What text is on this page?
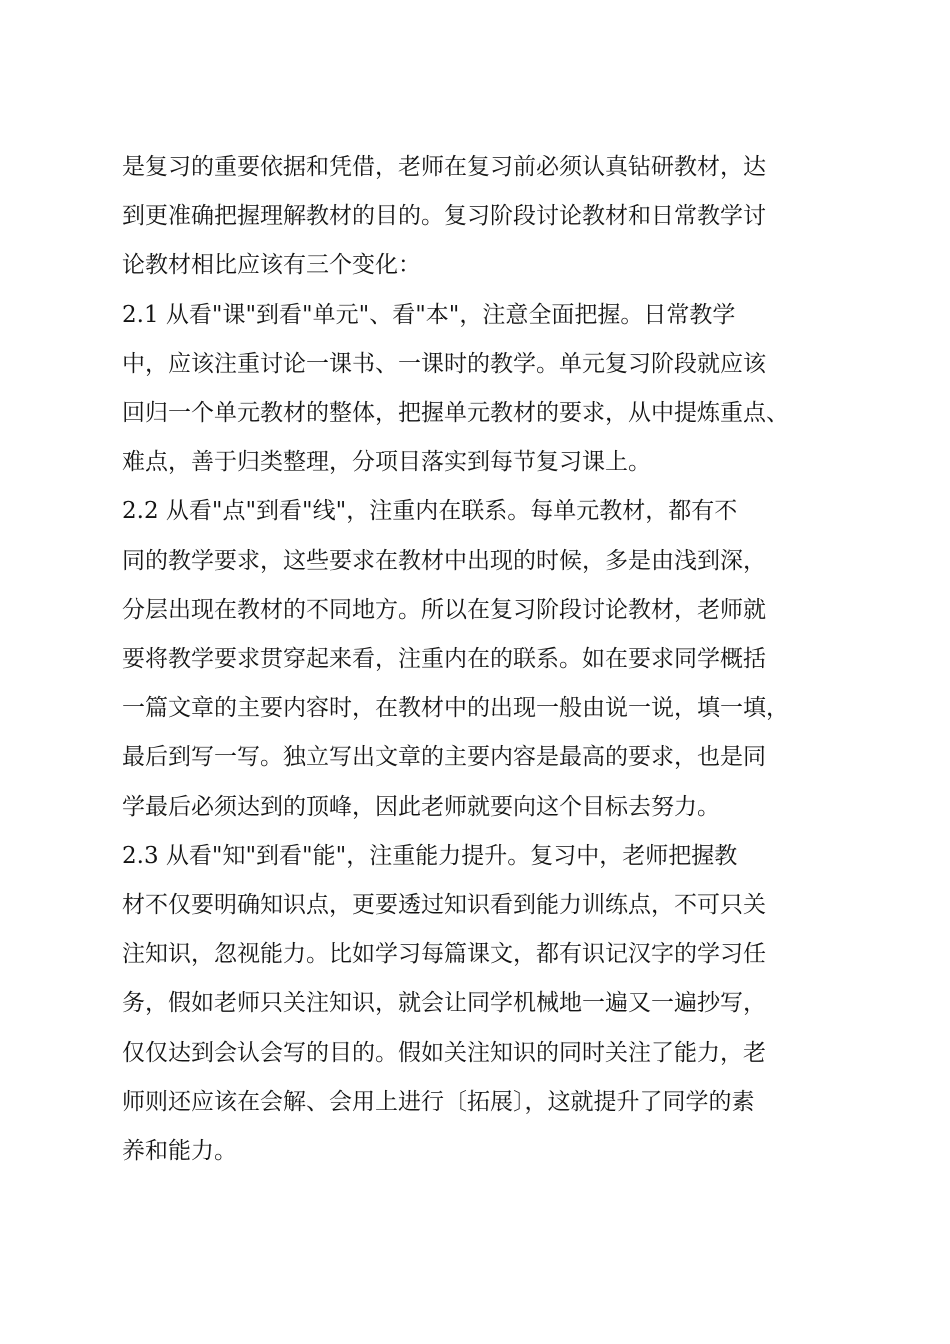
是复习的重要依据和凭借，老师在复习前必须认真钻研教材，达
到更准确把握理解教材的目的。复习阶段讨论教材和日常教学讨
论教材相比应该有三个变化：
2.1 从看"课"到看"单元"、看"本"，注意全面把握。日常教学
中，应该注重讨论一课书、一课时的教学。单元复习阶段就应该
回归一个单元教材的整体，把握单元教材的要求，从中提炼重点、
难点，善于归类整理，分项目落实到每节复习课上。
2.2 从看"点"到看"线"，注重内在联系。每单元教材，都有不
同的教学要求，这些要求在教材中出现的时候，多是由浅到深，
分层出现在教材的不同地方。所以在复习阶段讨论教材，老师就
要将教学要求贯穿起来看，注重内在的联系。如在要求同学概括
一篇文章的主要内容时，在教材中的出现一般由说一说，填一填，
最后到写一写。独立写出文章的主要内容是最高的要求，也是同
学最后必须达到的顶峰，因此老师就要向这个目标去努力。
2.3 从看"知"到看"能"，注重能力提升。复习中，老师把握教
材不仅要明确知识点，更要透过知识看到能力训练点，不可只关
注知识，忽视能力。比如学习每篇课文，都有识记汉字的学习任
务，假如老师只关注知识，就会让同学机械地一遍又一遍抄写，
仅仅达到会认会写的目的。假如关注知识的同时关注了能力，老
师则还应该在会解、会用上进行〔拓展〕，这就提升了同学的素
养和能力。
